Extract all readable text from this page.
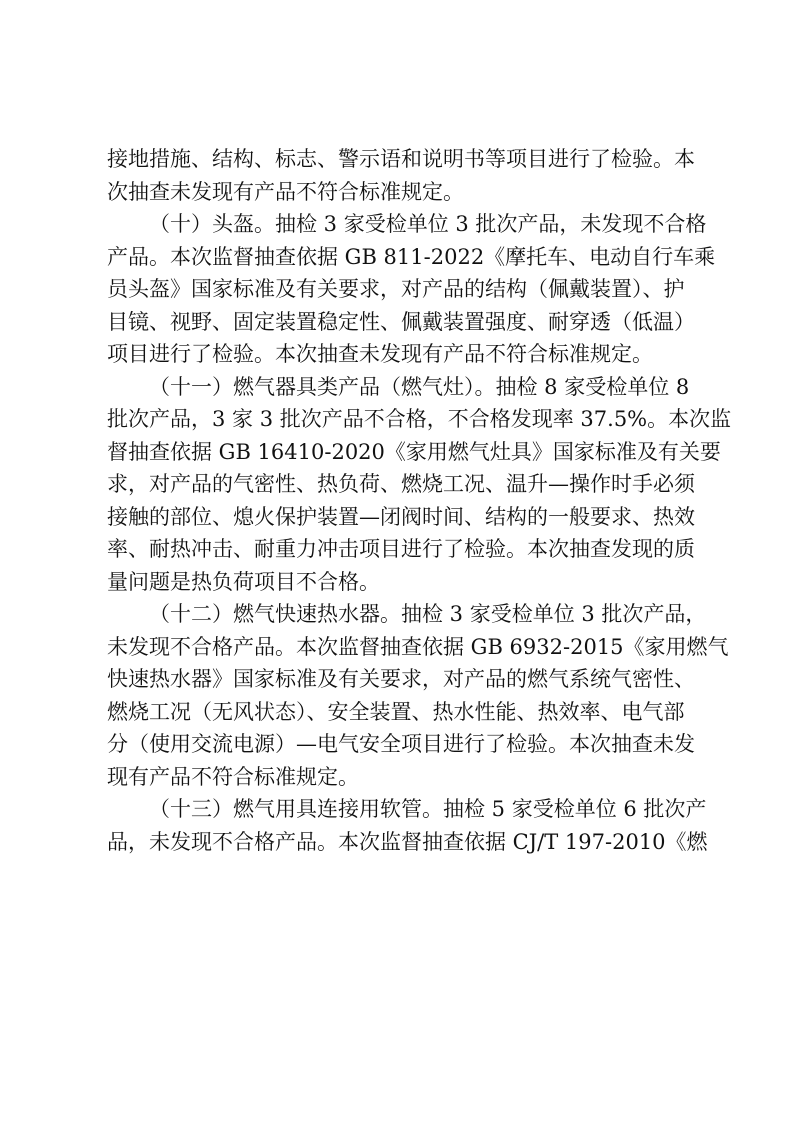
接地措施、结构、标志、警示语和说明书等项目进行了检验。本
次抽查未发现有产品不符合标准规定。
（十）头盔。抽检 3 家受检单位 3 批次产品，未发现不合格
产品。本次监督抽查依据 GB 811-2022《摩托车、电动自行车乘
员头盔》国家标准及有关要求，对产品的结构（佩戴装置）、护
目镜、视野、固定装置稳定性、佩戴装置强度、耐穿透（低温）
项目进行了检验。本次抽查未发现有产品不符合标准规定。
（十一）燃气器具类产品（燃气灶）。抽检 8 家受检单位 8
批次产品，3 家 3 批次产品不合格，不合格发现率 37.5%。本次监
督抽查依据 GB 16410-2020《家用燃气灶具》国家标准及有关要
求，对产品的气密性、热负荷、燃烧工况、温升—操作时手必须
接触的部位、熄火保护装置—闭阀时间、结构的一般要求、热效
率、耐热冲击、耐重力冲击项目进行了检验。本次抽查发现的质
量问题是热负荷项目不合格。
（十二）燃气快速热水器。抽检 3 家受检单位 3 批次产品，
未发现不合格产品。本次监督抽查依据 GB 6932-2015《家用燃气
快速热水器》国家标准及有关要求，对产品的燃气系统气密性、
燃烧工况（无风状态）、安全装置、热水性能、热效率、电气部
分（使用交流电源）—电气安全项目进行了检验。本次抽查未发
现有产品不符合标准规定。
（十三）燃气用具连接用软管。抽检 5 家受检单位 6 批次产
品，未发现不合格产品。本次监督抽查依据 CJ/T 197-2010《燃
